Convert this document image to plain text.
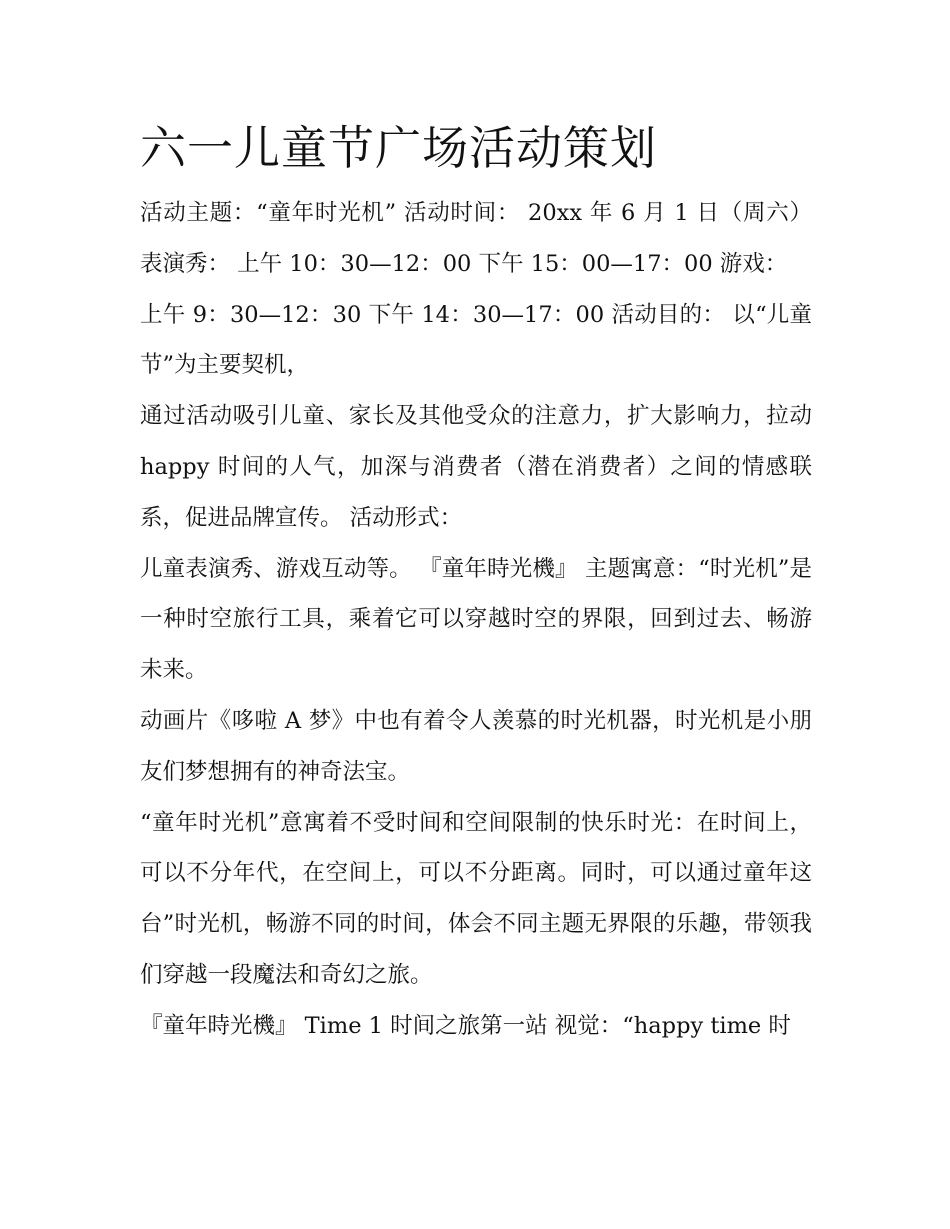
六一儿童节广场活动策划

活动主题：“童年时光机” 活动时间： 20xx 年 6 月 1 日（周六） 表演秀： 上午 10：30—12：00 下午 15：00—17：00 游戏：

上午 9：30—12：30 下午 14：30—17：00 活动目的： 以“儿童节”为主要契机，

通过活动吸引儿童、家长及其他受众的注意力，扩大影响力，拉动 happy 时间的人气，加深与消费者（潜在消费者）之间的情感联系，促进品牌宣传。 活动形式：

儿童表演秀、游戏互动等。 『童年時光機』 主题寓意：“时光机”是一种时空旅行工具，乘着它可以穿越时空的界限，回到过去、畅游未来。

动画片《哆啦 A 梦》中也有着令人羡慕的时光机器，时光机是小朋友们梦想拥有的神奇法宝。

“童年时光机”意寓着不受时间和空间限制的快乐时光：在时间上，可以不分年代，在空间上，可以不分距离。同时，可以通过童年这台”时光机，畅游不同的时间，体会不同主题无界限的乐趣，带领我们穿越一段魔法和奇幻之旅。

『童年時光機』 Time 1 时间之旅第一站 视觉：“happy time 时
